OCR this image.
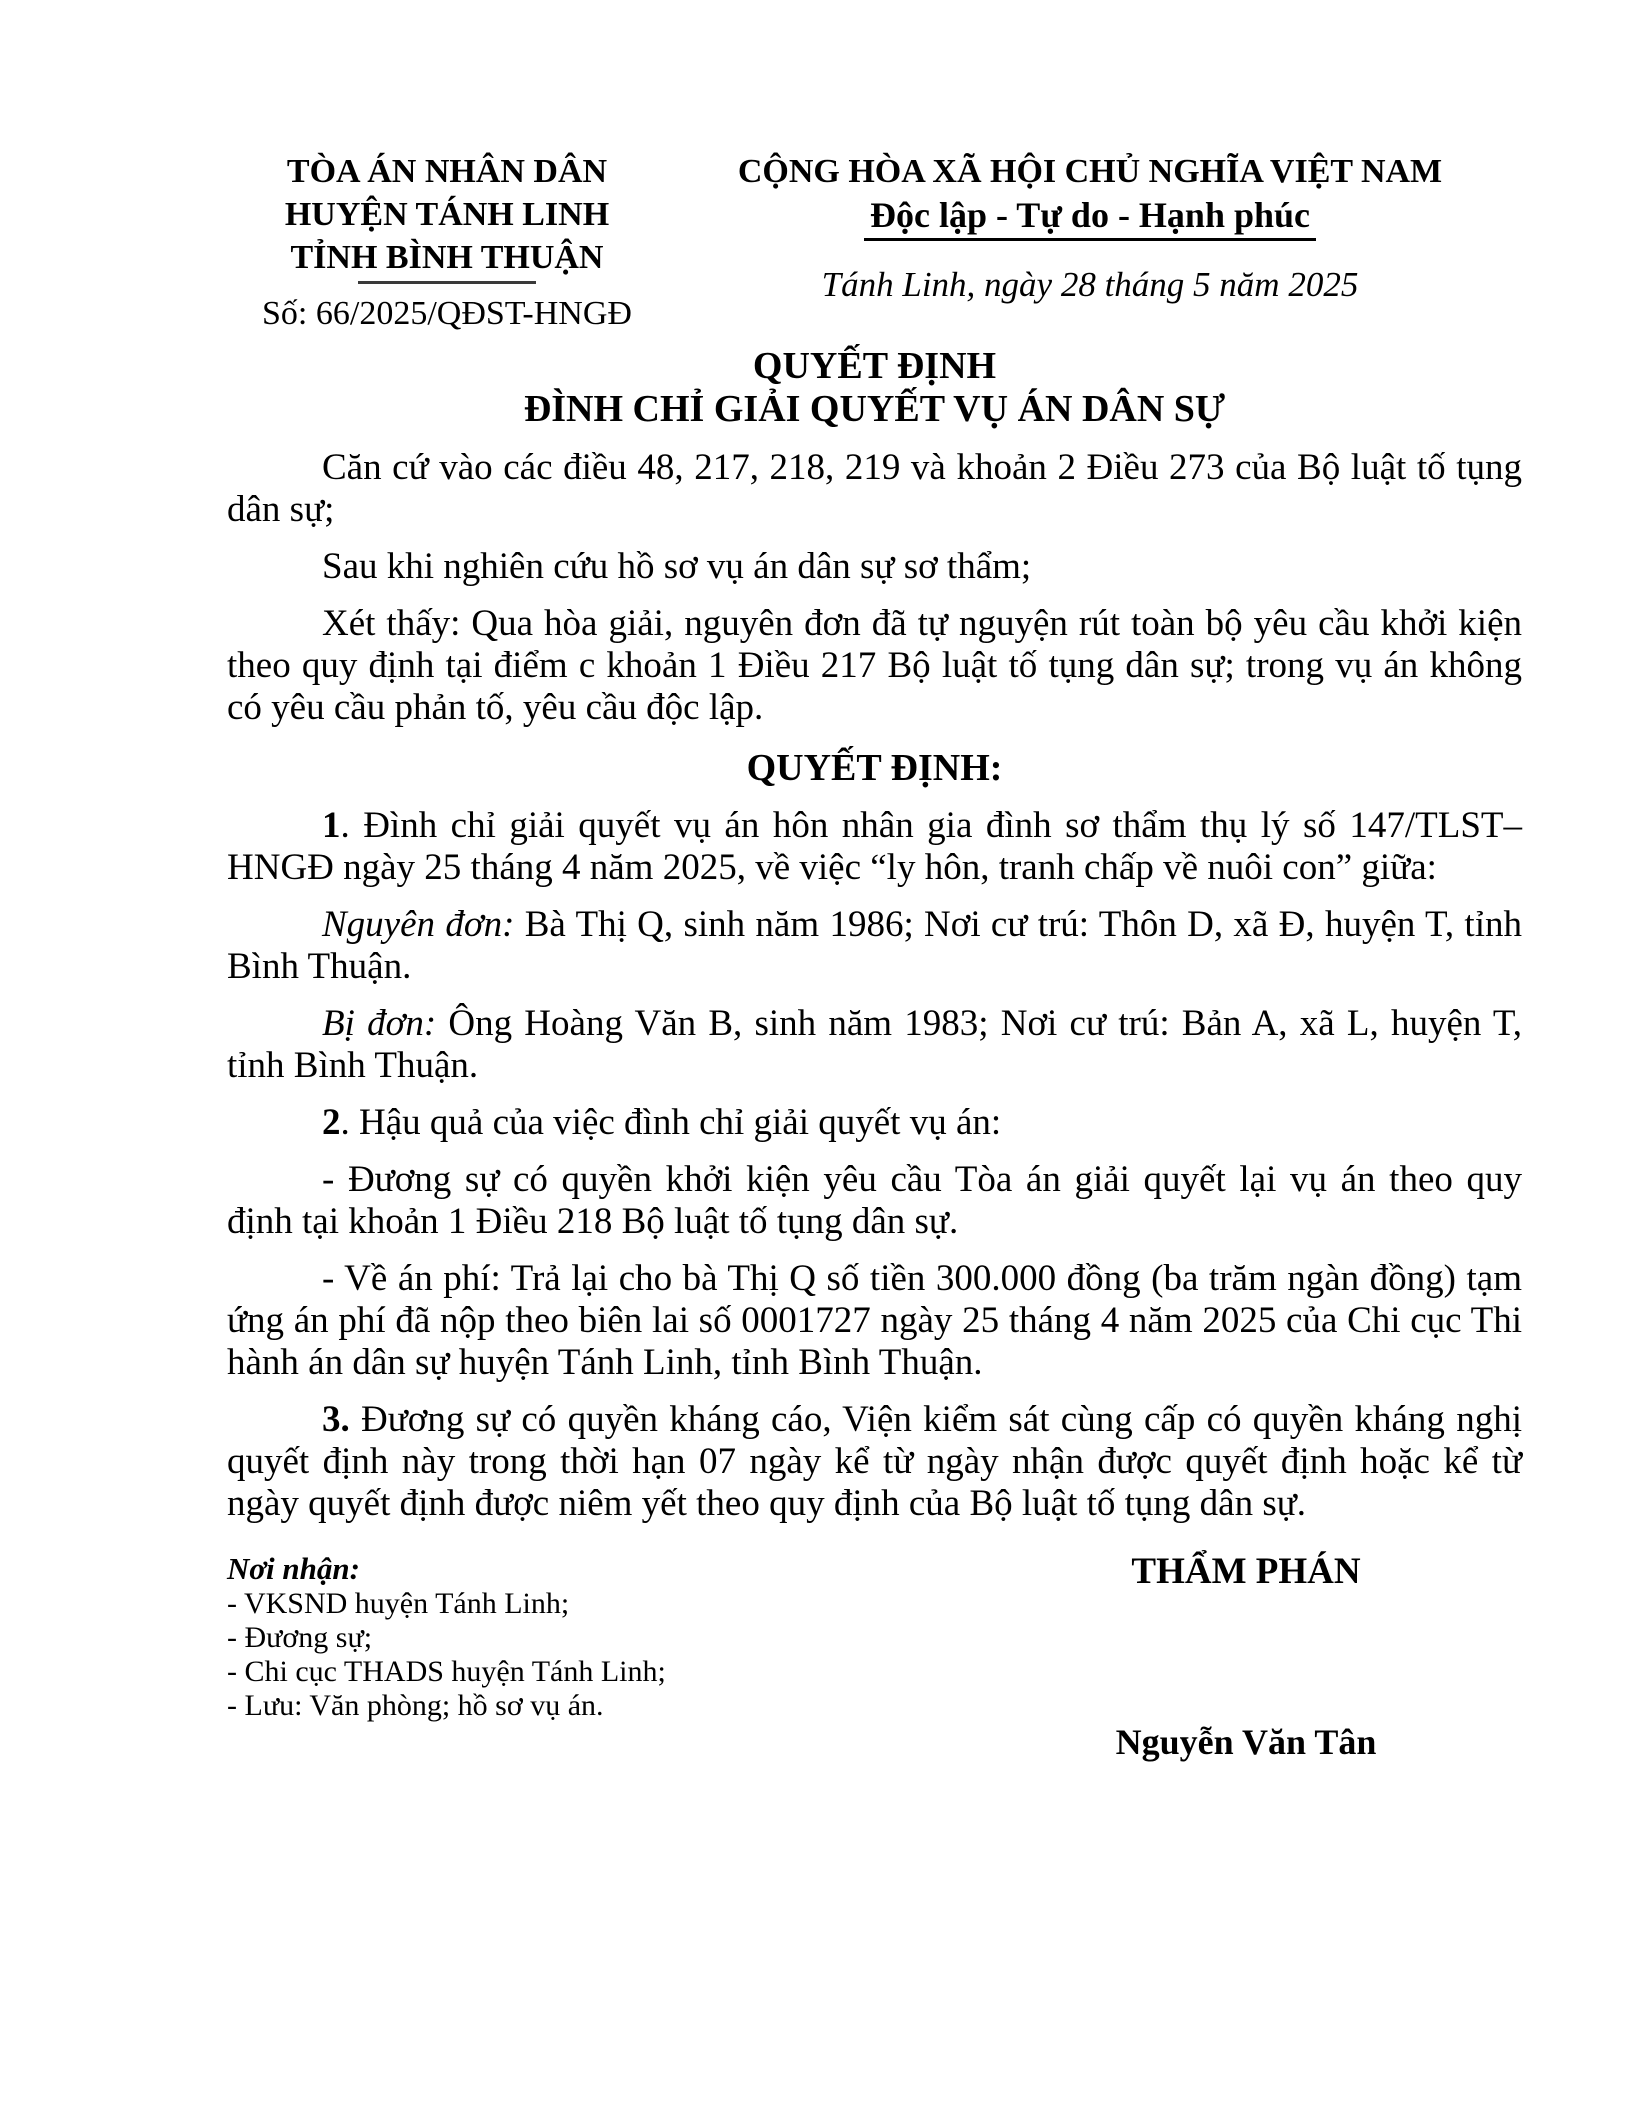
TÒA ÁN NHÂN DÂN
HUYỆN TÁNH LINH
TỈNH BÌNH THUẬN
Số: 66/2025/QĐST-HNGĐ
CỘNG HÒA XÃ HỘI CHỦ NGHĨA VIỆT NAM
Độc lập - Tự do - Hạnh phúc
Tánh Linh, ngày 28 tháng 5 năm 2025
QUYẾT ĐỊNH
ĐÌNH CHỈ GIẢI QUYẾT VỤ ÁN DÂN SỰ

Căn cứ vào các điều 48, 217, 218, 219 và khoản 2 Điều 273 của Bộ luật tố tụng dân sự;

Sau khi nghiên cứu hồ sơ vụ án dân sự sơ thẩm;

Xét thấy: Qua hòa giải, nguyên đơn đã tự nguyện rút toàn bộ yêu cầu khởi kiện theo quy định tại điểm c khoản 1 Điều 217 Bộ luật tố tụng dân sự; trong vụ án không có yêu cầu phản tố, yêu cầu độc lập.

QUYẾT ĐỊNH:

1. Đình chỉ giải quyết vụ án hôn nhân gia đình sơ thẩm thụ lý số 147/TLST–HNGĐ ngày 25 tháng 4 năm 2025, về việc “ly hôn, tranh chấp về nuôi con” giữa:

Nguyên đơn: Bà Thị Q, sinh năm 1986; Nơi cư trú: Thôn D, xã Đ, huyện T, tỉnh Bình Thuận.

Bị đơn: Ông Hoàng Văn B, sinh năm 1983; Nơi cư trú: Bản A, xã L, huyện T, tỉnh Bình Thuận.

2. Hậu quả của việc đình chỉ giải quyết vụ án:

- Đương sự có quyền khởi kiện yêu cầu Tòa án giải quyết lại vụ án theo quy định tại khoản 1 Điều 218 Bộ luật tố tụng dân sự.

- Về án phí: Trả lại cho bà Thị Q số tiền 300.000 đồng (ba trăm ngàn đồng) tạm ứng án phí đã nộp theo biên lai số 0001727 ngày 25 tháng 4 năm 2025 của Chi cục Thi hành án dân sự huyện Tánh Linh, tỉnh Bình Thuận.

3. Đương sự có quyền kháng cáo, Viện kiểm sát cùng cấp có quyền kháng nghị quyết định này trong thời hạn 07 ngày kể từ ngày nhận được quyết định hoặc kể từ ngày quyết định được niêm yết theo quy định của Bộ luật tố tụng dân sự.

Nơi nhận:
- VKSND huyện Tánh Linh;
- Đương sự;
- Chi cục THADS huyện Tánh Linh;
- Lưu: Văn phòng; hồ sơ vụ án.
THẨM PHÁN
Nguyễn Văn Tân
